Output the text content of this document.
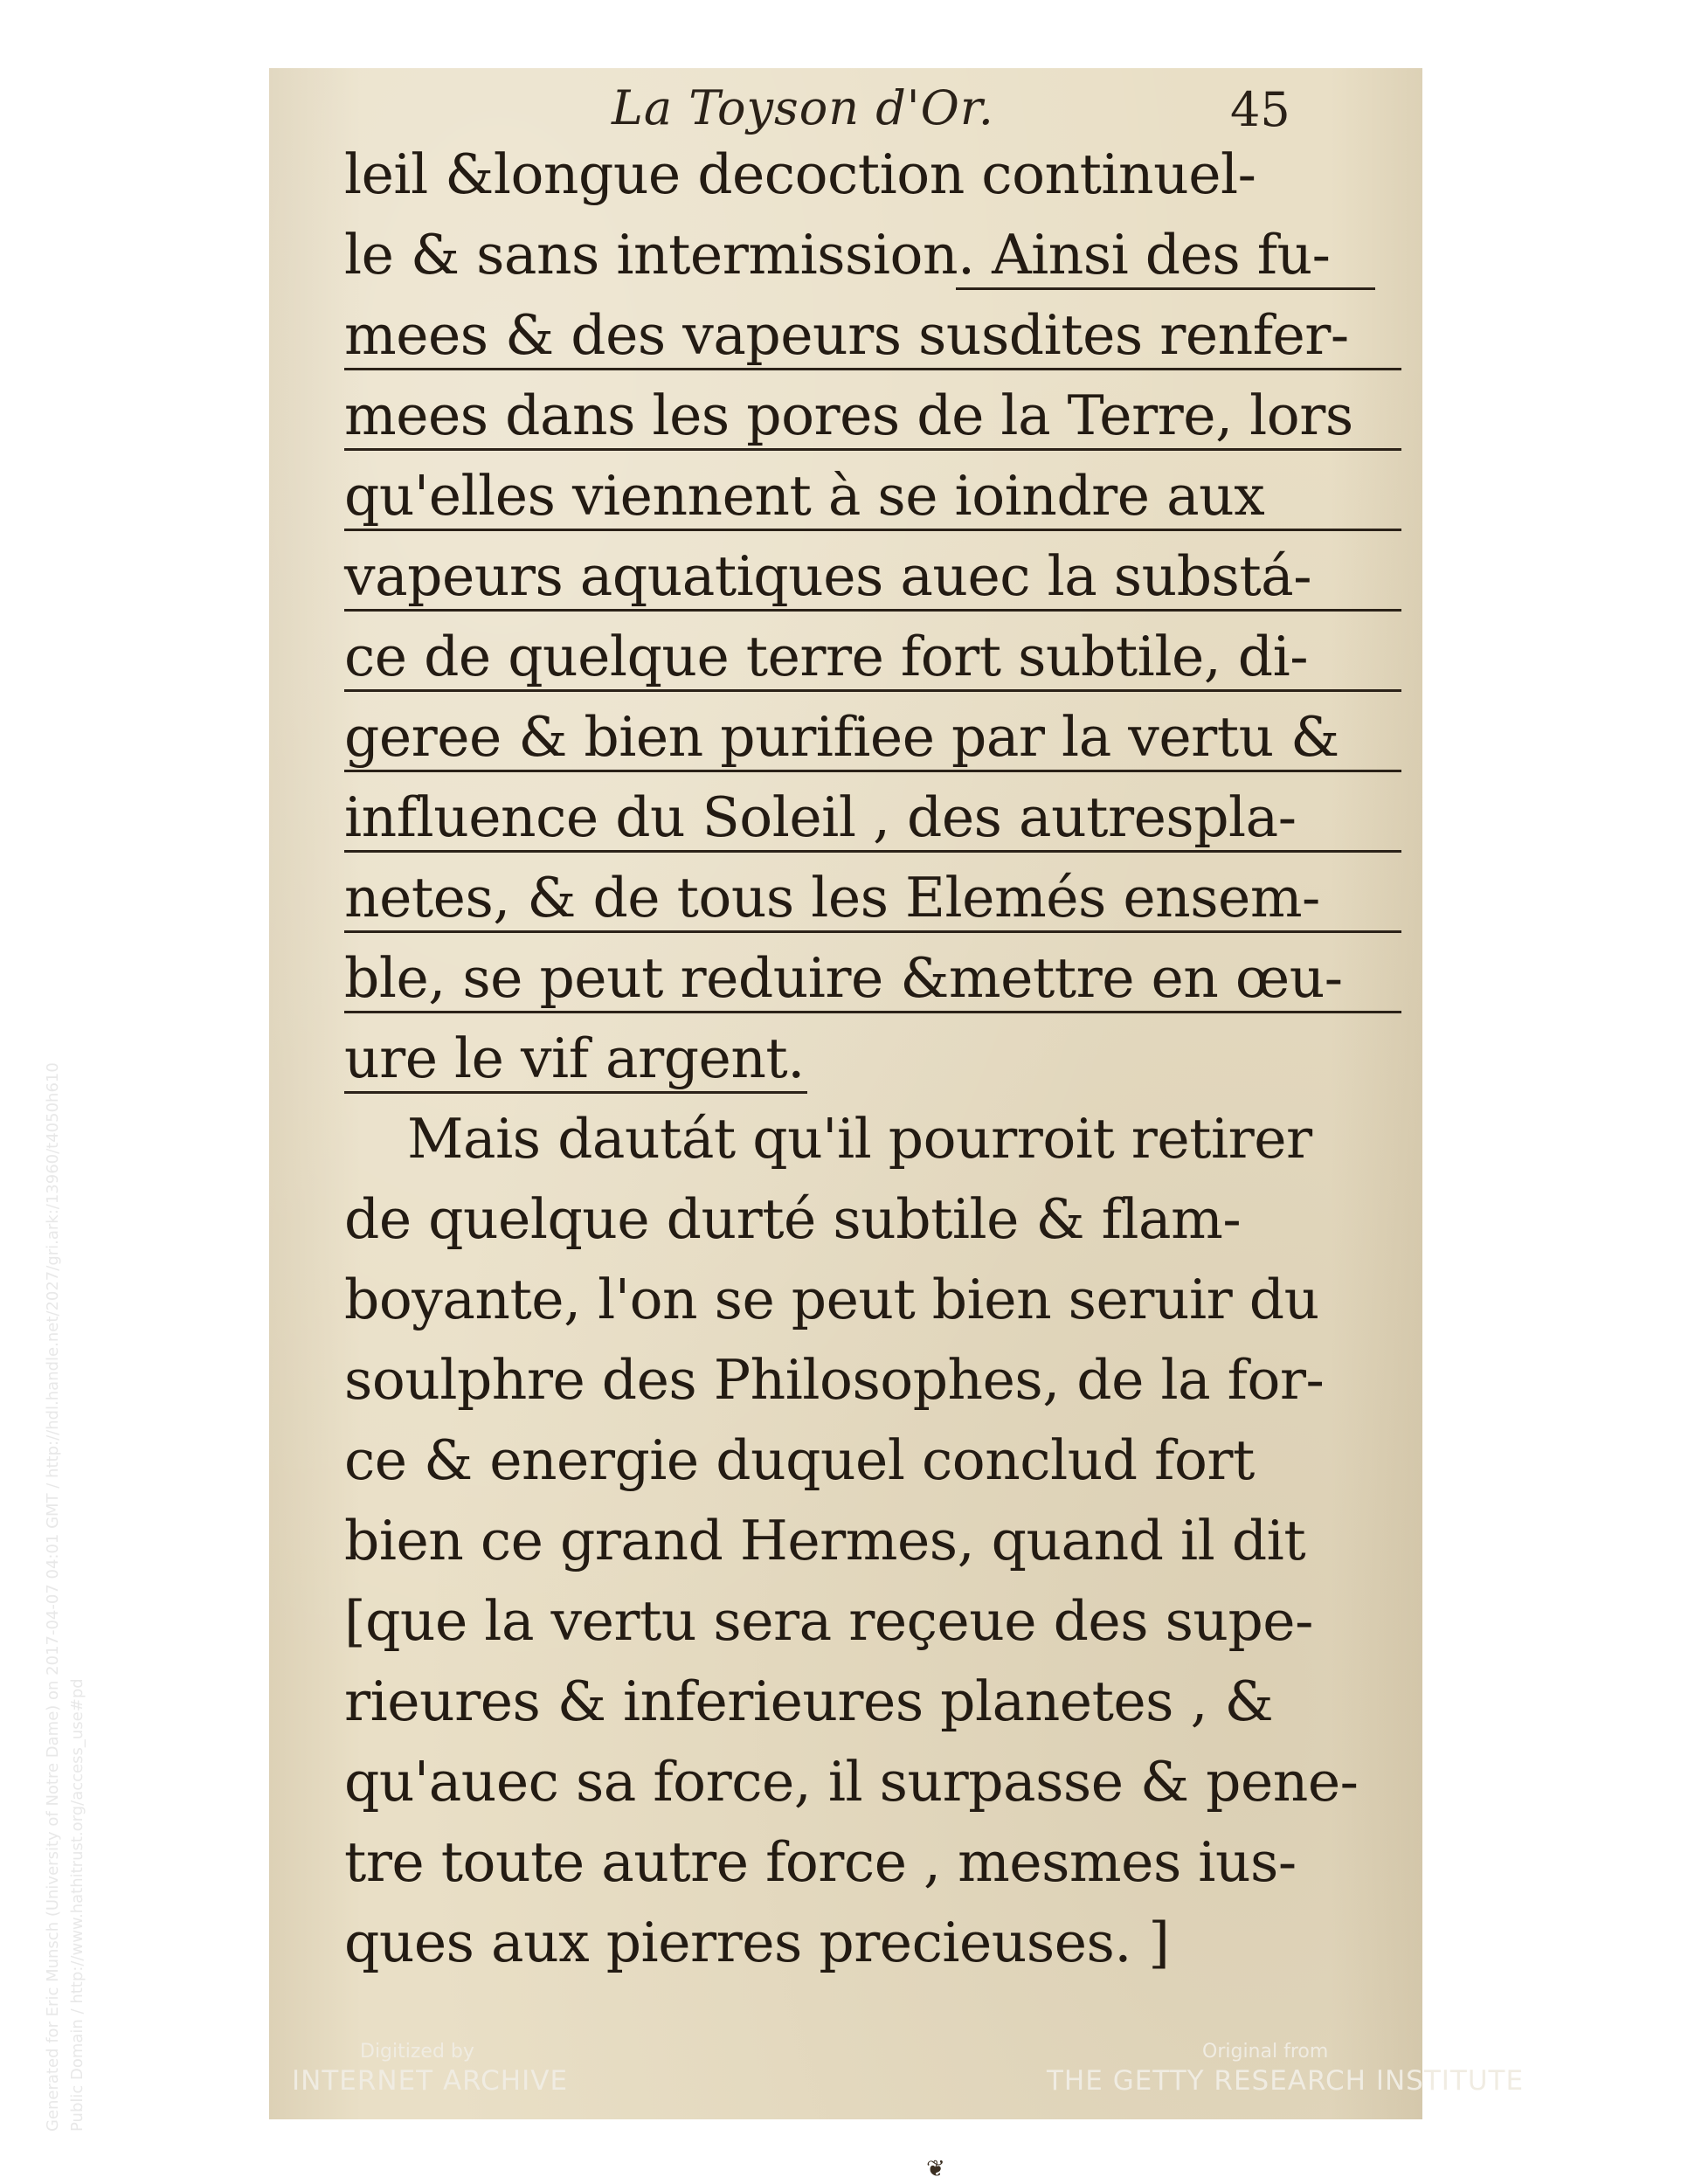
La Toyson d'Or.	45
leil &longue decoction continuel-
le & sans intermission. Ainsi des fu-
mees & des vapeurs susdites renfer-
mees dans les pores de la Terre, lors
qu'elles viennent à se ioindre aux
vapeurs aquatiques auec la substá-
ce de quelque terre fort subtile, di-
geree & bien purifiee par la vertu &
influence du Soleil , des autrespla-
netes, & de tous les Elemés ensem-
ble, se peut reduire &mettre en œu-
ure le vif argent.
Mais dautát qu'il pourroit retirer
de quelque durté subtile & flam-
boyante, l'on se peut bien seruir du
soulphre des Philosophes, de la for-
ce & energie duquel conclud fort
bien ce grand Hermes, quand il dit
[que la vertu sera reçeue des supe-
rieures & inferieures planetes , &
qu'auec sa force, il surpasse & pene-
tre toute autre force , mesmes ius-
ques aux pierres precieuses. ]
❦
Digitized by
INTERNET ARCHIVE
Original from
THE GETTY RESEARCH INSTITUTE
Generated for Eric Munsch (University of Notre Dame) on 2017-04-07 04:01 GMT / http://hdl.handle.net/2027/gri.ark:/13960/t4050h610 Public Domain / http://www.hathitrust.org/access_use#pd
